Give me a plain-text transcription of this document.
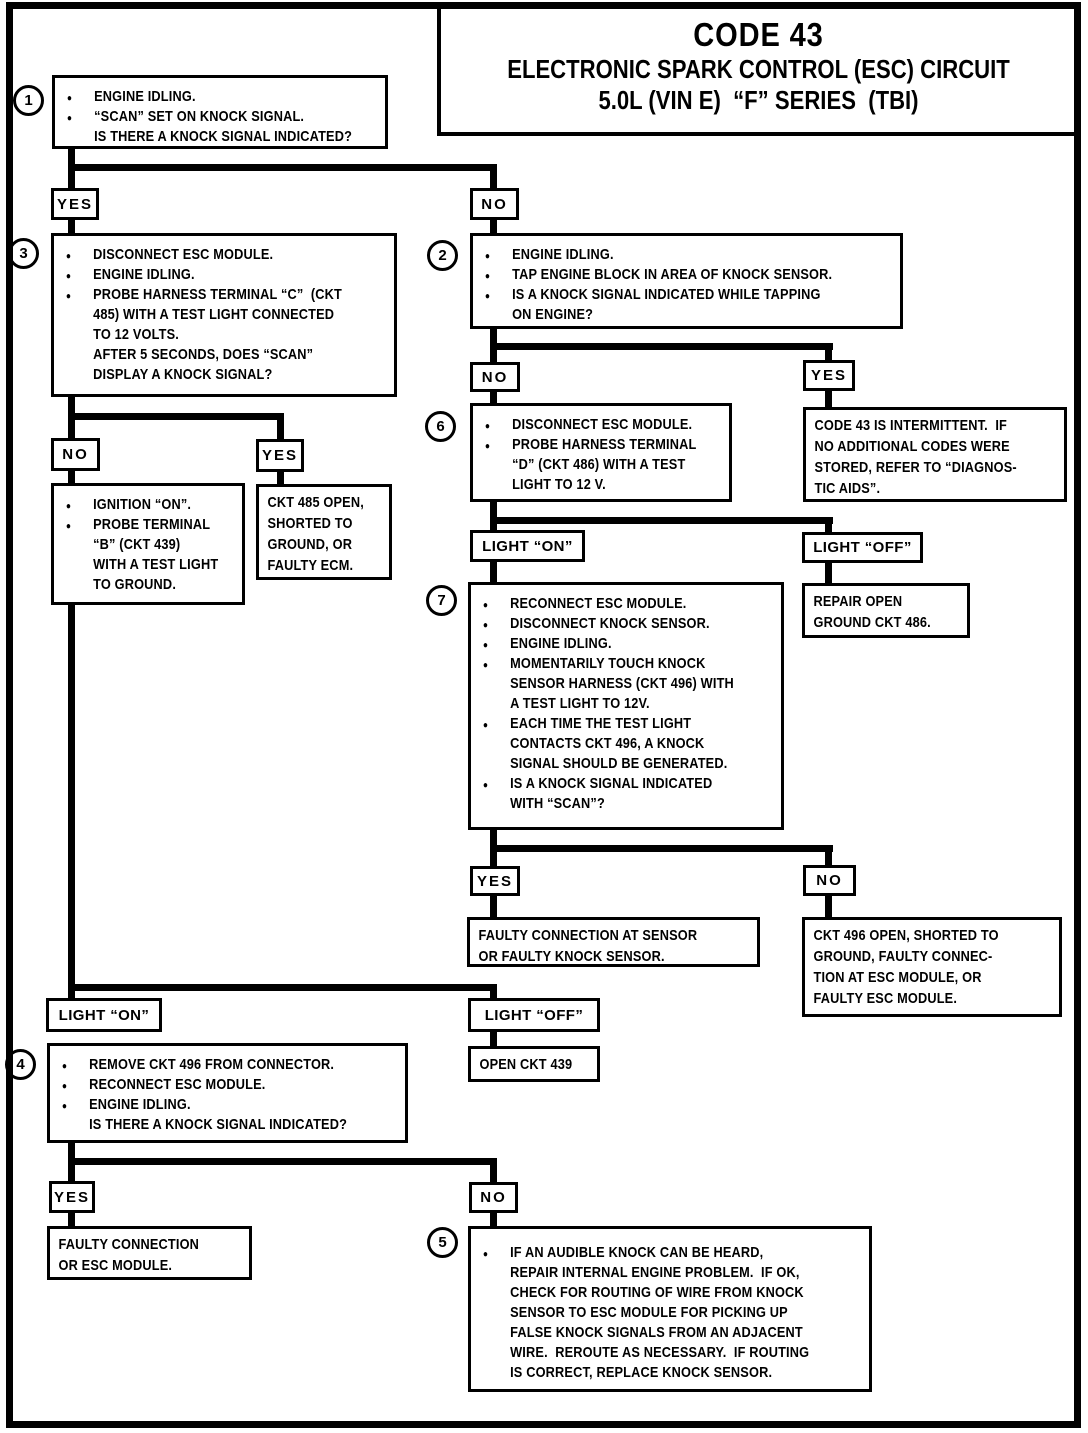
CODE 43
ELECTRONIC SPARK CONTROL (ESC) CIRCUIT
5.0L (VIN E)  “F” SERIES  (TBI)
1	● ENGINE IDLING.
● “SCAN” SET ON KNOCK SIGNAL.
IS THERE A KNOCK SIGNAL INDICATED?
YES	NO
3	● DISCONNECT ESC MODULE.
● ENGINE IDLING.
● PROBE HARNESS TERMINAL “C”  (CKT
485) WITH A TEST LIGHT CONNECTED
TO 12 VOLTS.
AFTER 5 SECONDS, DOES “SCAN”
DISPLAY A KNOCK SIGNAL?
2	● ENGINE IDLING.
● TAP ENGINE BLOCK IN AREA OF KNOCK SENSOR.
● IS A KNOCK SIGNAL INDICATED WHILE TAPPING
ON ENGINE?
NO	YES
6	● DISCONNECT ESC MODULE.
● PROBE HARNESS TERMINAL
“D” (CKT 486) WITH A TEST
LIGHT TO 12 V.
CODE 43 IS INTERMITTENT.  IF
NO ADDITIONAL CODES WERE
STORED, REFER TO “DIAGNOS-
TIC AIDS”.
LIGHT “ON”	LIGHT “OFF”
7	● RECONNECT ESC MODULE.
● DISCONNECT KNOCK SENSOR.
● ENGINE IDLING.
● MOMENTARILY TOUCH KNOCK
SENSOR HARNESS (CKT 496) WITH
A TEST LIGHT TO 12V.
● EACH TIME THE TEST LIGHT
CONTACTS CKT 496, A KNOCK
SIGNAL SHOULD BE GENERATED.
● IS A KNOCK SIGNAL INDICATED
WITH “SCAN”?
REPAIR OPEN
GROUND CKT 486.
YES	NO
FAULTY CONNECTION AT SENSOR
OR FAULTY KNOCK SENSOR.
CKT 496 OPEN, SHORTED TO
GROUND, FAULTY CONNEC-
TION AT ESC MODULE, OR
FAULTY ESC MODULE.
NO	YES
● IGNITION “ON”.
● PROBE TERMINAL
“B” (CKT 439)
WITH A TEST LIGHT
TO GROUND.
CKT 485 OPEN,
SHORTED TO
GROUND, OR
FAULTY ECM.
LIGHT “ON”	LIGHT “OFF”
4	● REMOVE CKT 496 FROM CONNECTOR.
● RECONNECT ESC MODULE.
● ENGINE IDLING.
IS THERE A KNOCK SIGNAL INDICATED?
OPEN CKT 439
YES	NO
FAULTY CONNECTION
OR ESC MODULE.
5
● IF AN AUDIBLE KNOCK CAN BE HEARD,
REPAIR INTERNAL ENGINE PROBLEM.  IF OK,
CHECK FOR ROUTING OF WIRE FROM KNOCK
SENSOR TO ESC MODULE FOR PICKING UP
FALSE KNOCK SIGNALS FROM AN ADJACENT
WIRE.  REROUTE AS NECESSARY.  IF ROUTING
IS CORRECT, REPLACE KNOCK SENSOR.
